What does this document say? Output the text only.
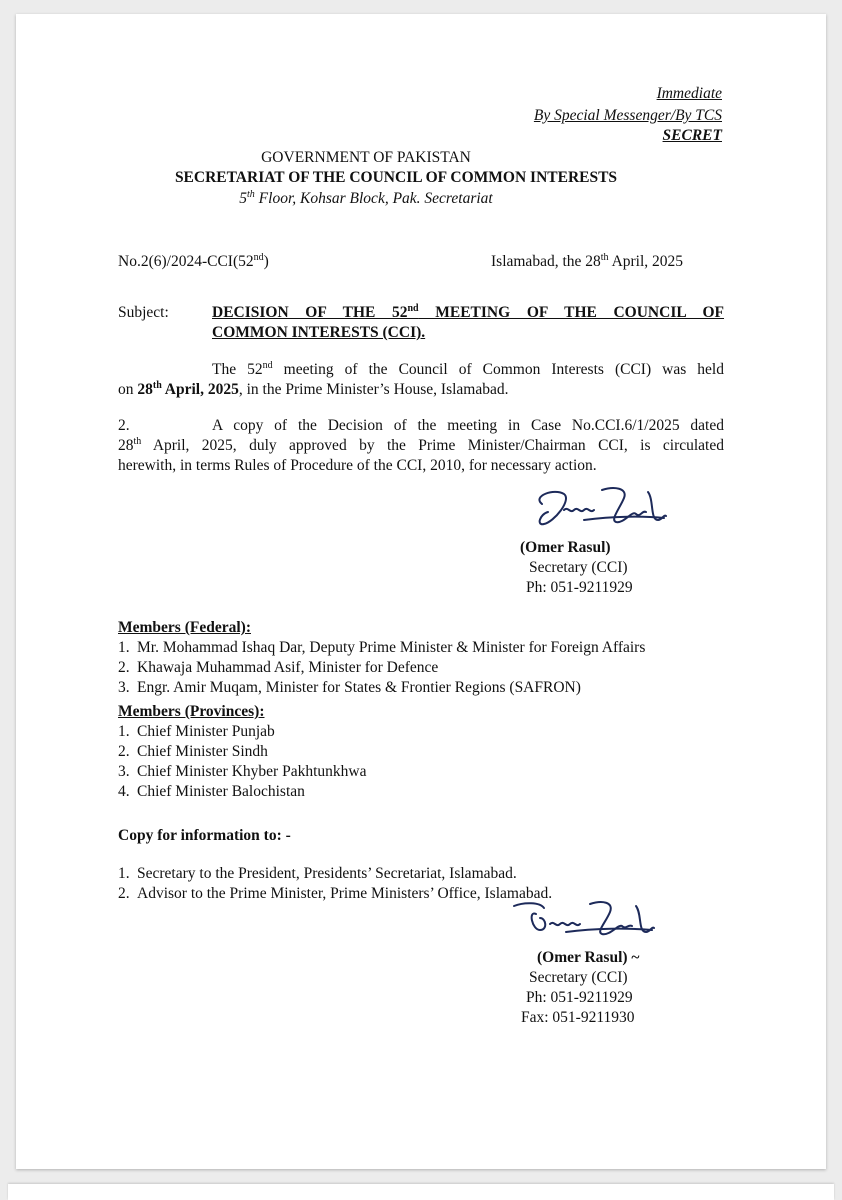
Immediate
By Special Messenger/By TCS
SECRET
GOVERNMENT OF PAKISTAN
SECRETARIAT OF THE COUNCIL OF COMMON INTERESTS
5th Floor, Kohsar Block, Pak. Secretariat
No.2(6)/2024-CCI(52nd)	Islamabad, the 28th April, 2025
Subject:	DECISION OF THE 52nd MEETING OF THE COUNCIL OF
COMMON INTERESTS (CCI).
The 52nd meeting of the Council of Common Interests (CCI) was held
on 28th April, 2025, in the Prime Minister’s House, Islamabad.
2.	A copy of the Decision of the meeting in Case No.CCI.6/1/2025 dated
28th April, 2025, duly approved by the Prime Minister/Chairman CCI, is circulated
herewith, in terms Rules of Procedure of the CCI, 2010, for necessary action.
(Omer Rasul)
Secretary (CCI)
Ph: 051-9211929
Members (Federal):
1. Mr. Mohammad Ishaq Dar, Deputy Prime Minister & Minister for Foreign Affairs
2. Khawaja Muhammad Asif, Minister for Defence
3. Engr. Amir Muqam, Minister for States & Frontier Regions (SAFRON)
Members (Provinces):
1. Chief Minister Punjab
2. Chief Minister Sindh
3. Chief Minister Khyber Pakhtunkhwa
4. Chief Minister Balochistan
Copy for information to: -
1. Secretary to the President, Presidents’ Secretariat, Islamabad.
2. Advisor to the Prime Minister, Prime Ministers’ Office, Islamabad.
(Omer Rasul) ~
Secretary (CCI)
Ph: 051-9211929
Fax: 051-9211930
